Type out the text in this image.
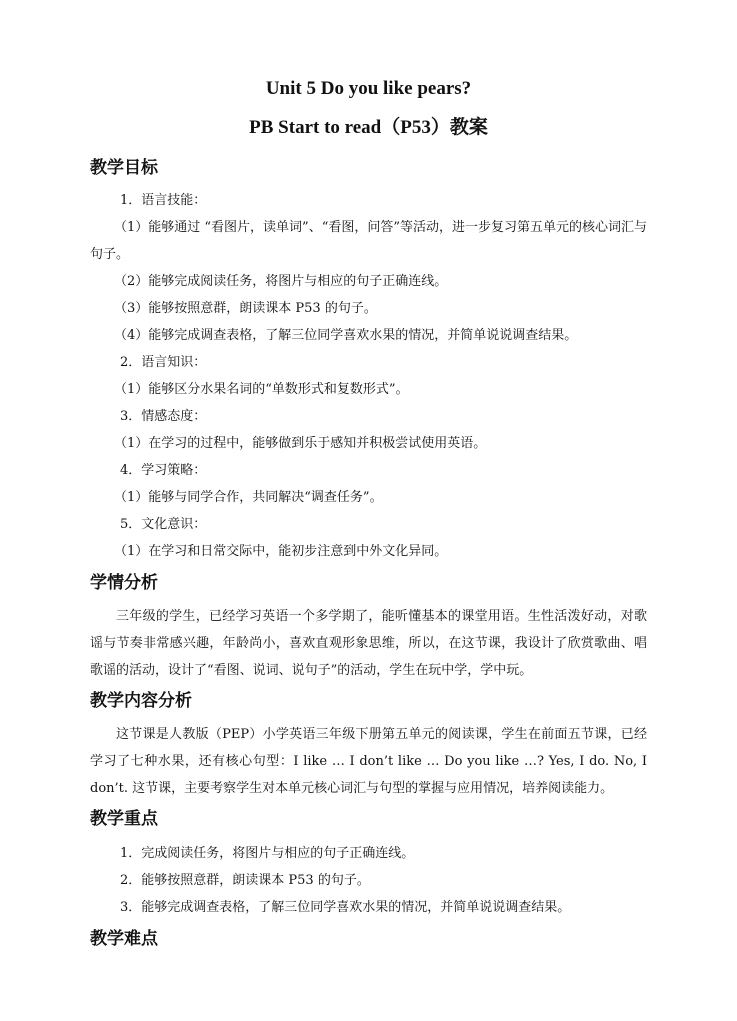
Unit 5 Do you like pears?
PB Start to read（P53）教案
教学目标
1．语言技能：
（1）能够通过 “看图片，读单词”、“看图，问答”等活动，进一步复习第五单元的核心词汇与句子。
（2）能够完成阅读任务，将图片与相应的句子正确连线。
（3）能够按照意群，朗读课本 P53 的句子。
（4）能够完成调查表格，了解三位同学喜欢水果的情况，并简单说说调查结果。
2．语言知识：
（1）能够区分水果名词的“单数形式和复数形式”。
3．情感态度：
（1）在学习的过程中，能够做到乐于感知并积极尝试使用英语。
4．学习策略：
（1）能够与同学合作，共同解决“调查任务”。
5．文化意识：
（1）在学习和日常交际中，能初步注意到中外文化异同。
学情分析
三年级的学生，已经学习英语一个多学期了，能听懂基本的课堂用语。生性活泼好动，对歌谣与节奏非常感兴趣，年龄尚小，喜欢直观形象思维，所以，在这节课，我设计了欣赏歌曲、唱歌谣的活动，设计了“看图、说词、说句子”的活动，学生在玩中学，学中玩。
教学内容分析
这节课是人教版（PEP）小学英语三年级下册第五单元的阅读课，学生在前面五节课，已经学习了七种水果，还有核心句型：I like … I don’t like … Do you like …? Yes, I do. No, I don’t. 这节课，主要考察学生对本单元核心词汇与句型的掌握与应用情况，培养阅读能力。
教学重点
1．完成阅读任务，将图片与相应的句子正确连线。
2．能够按照意群，朗读课本 P53 的句子。
3．能够完成调查表格，了解三位同学喜欢水果的情况，并简单说说调查结果。
教学难点
